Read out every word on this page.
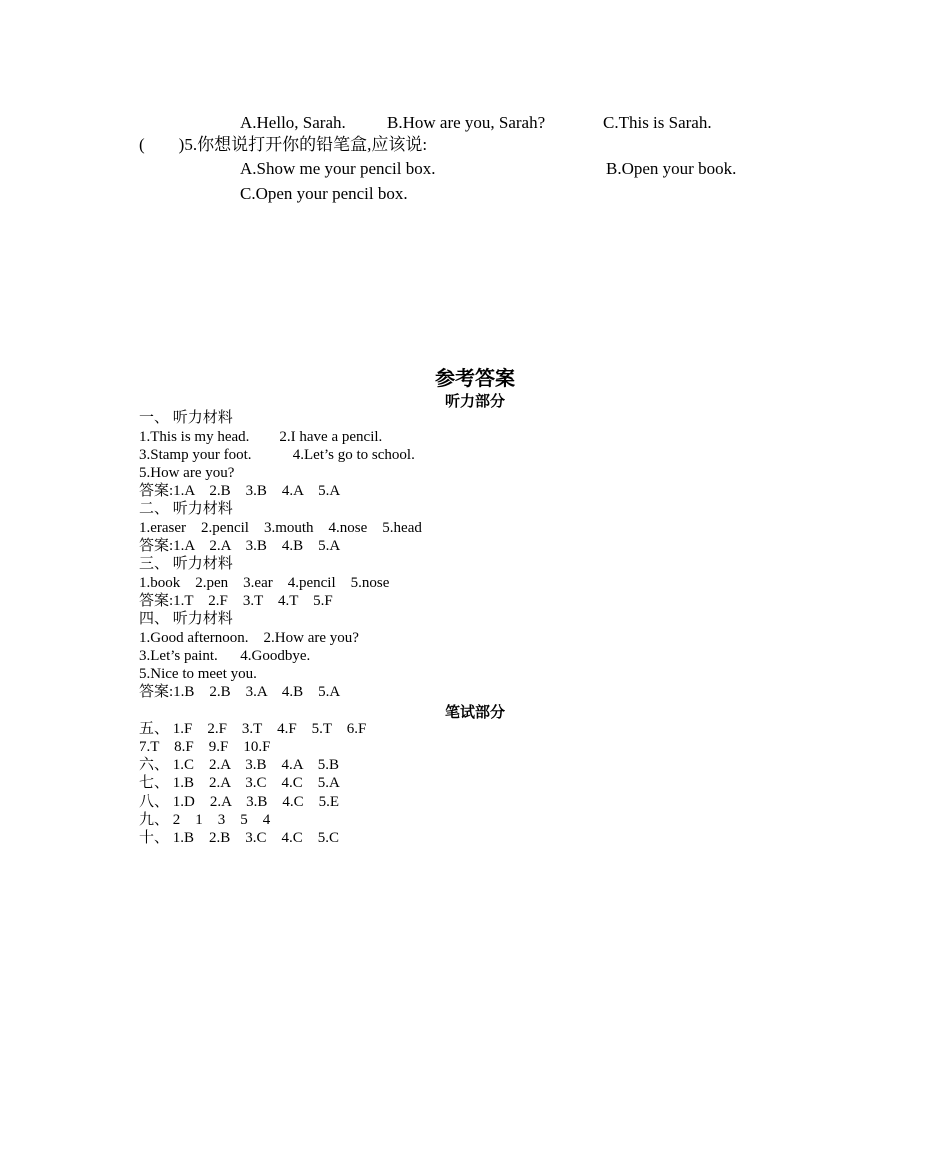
A.Hello, Sarah. B.How are you, Sarah?	C.This is Sarah.
(        )5.你想说打开你的铅笔盒,应该说:
A.Show me your pencil box.	B.Open your book.
C.Open your pencil box.
参考答案
听力部分
一、 听力材料
1.This is my head.        2.I have a pencil.
3.Stamp your foot.           4.Let’s go to school.
5.How are you?
答案:1.A    2.B    3.B    4.A    5.A
二、 听力材料
1.eraser    2.pencil    3.mouth    4.nose    5.head
答案:1.A    2.A    3.B    4.B    5.A
三、 听力材料
1.book    2.pen    3.ear    4.pencil    5.nose
答案:1.T    2.F    3.T    4.T    5.F
四、 听力材料
1.Good afternoon.    2.How are you?
3.Let’s paint.      4.Goodbye.
5.Nice to meet you.
答案:1.B    2.B    3.A    4.B    5.A
笔试部分
五、 1.F    2.F    3.T    4.F    5.T    6.F
7.T    8.F    9.F    10.F
六、 1.C    2.A    3.B    4.A    5.B
七、 1.B    2.A    3.C    4.C    5.A
八、 1.D    2.A    3.B    4.C    5.E
九、 2    1    3    5    4
十、 1.B    2.B    3.C    4.C    5.C
